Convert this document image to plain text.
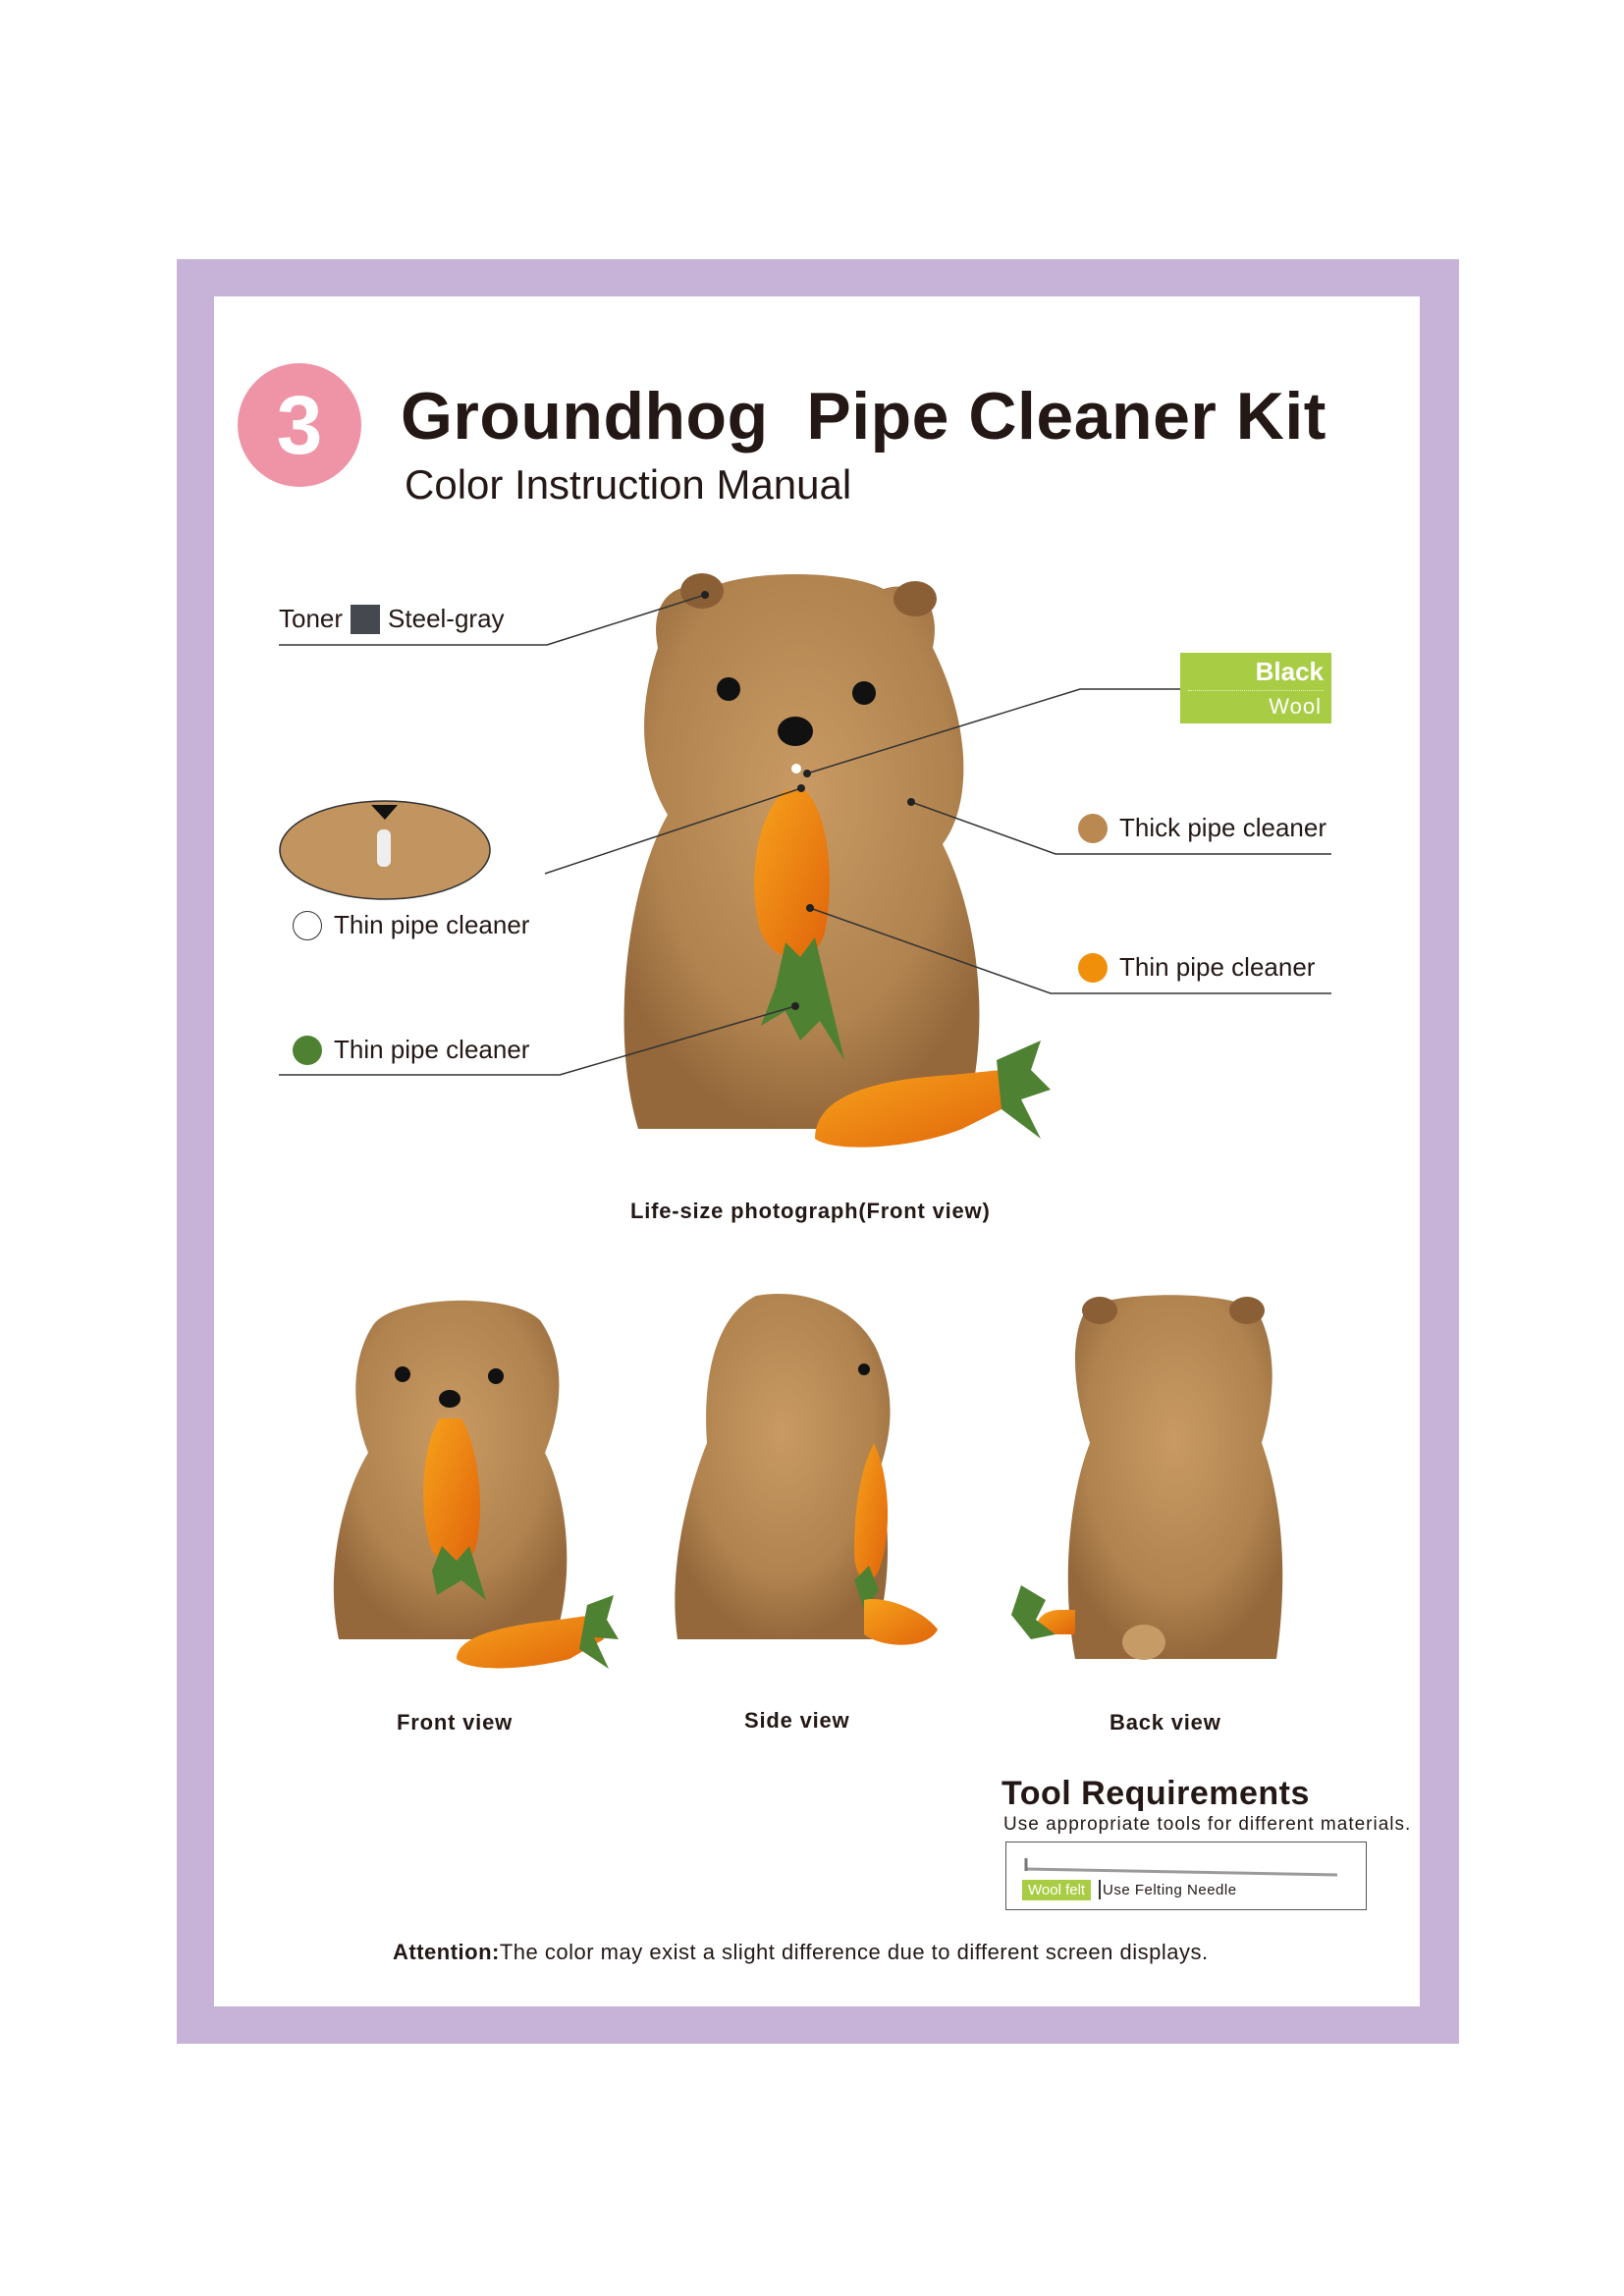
3	Groundhog  Pipe Cleaner Kit
Color Instruction Manual
Toner Steel-gray
Black
Wool
Thin pipe cleaner
Thick pipe cleaner
Thin pipe cleaner
Thin pipe cleaner
Life-size photograph(Front view)
Front view	Side view	Back view
Tool Requirements
Use appropriate tools for different materials.
Wool felt	Use Felting Needle
Attention:The color may exist a slight difference due to different screen displays.
